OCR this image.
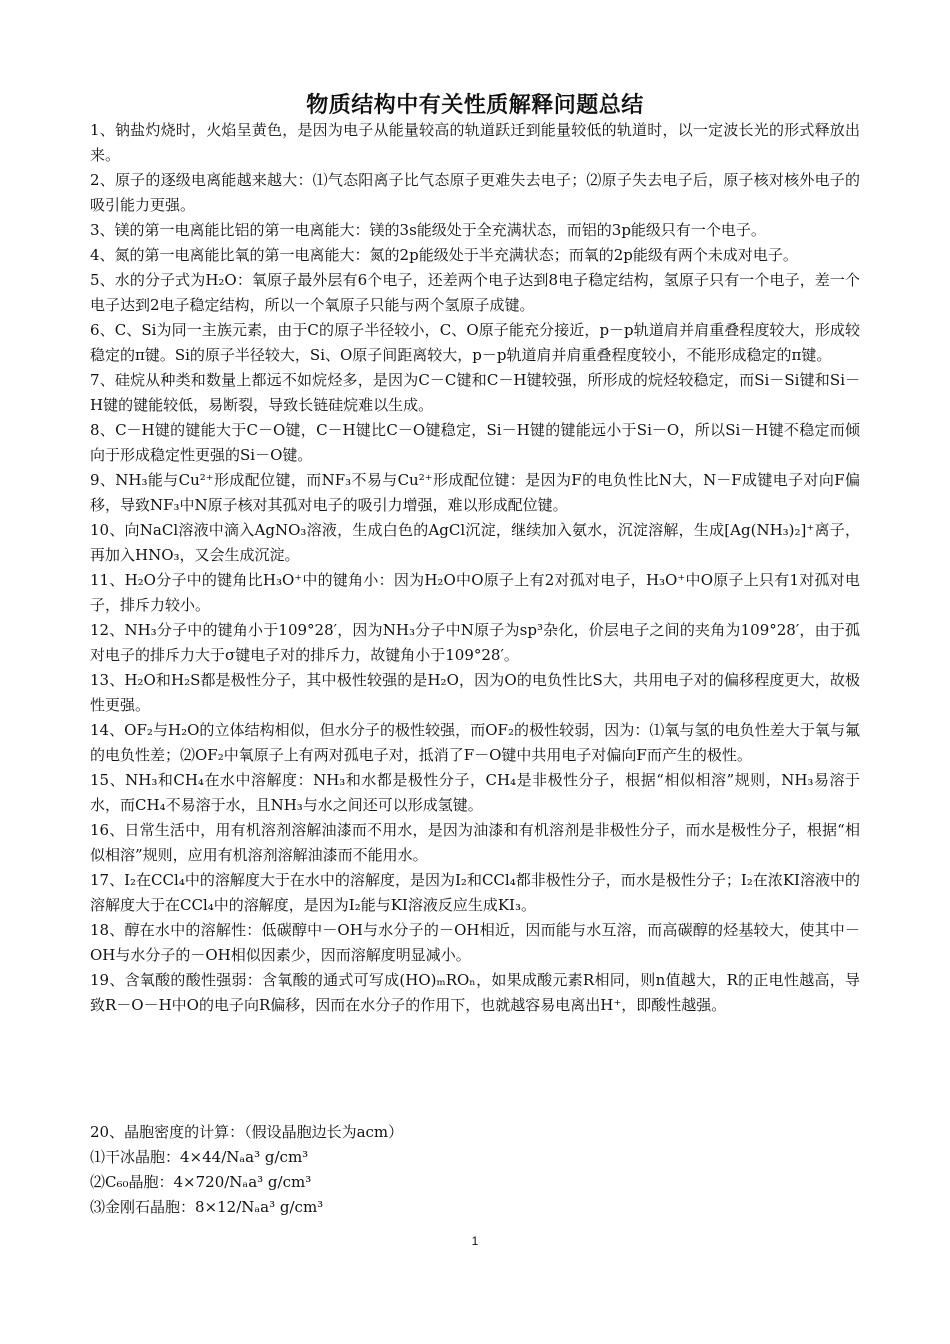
物质结构中有关性质解释问题总结

1、钠盐灼烧时，火焰呈黄色，是因为电子从能量较高的轨道跃迁到能量较低的轨道时，以一定波长光的形式释放出来。

2、原子的逐级电离能越来越大：⑴气态阳离子比气态原子更难失去电子；⑵原子失去电子后，原子核对核外电子的吸引能力更强。

3、镁的第一电离能比铝的第一电离能大：镁的3s能级处于全充满状态，而铝的3p能级只有一个电子。

4、氮的第一电离能比氧的第一电离能大：氮的2p能级处于半充满状态；而氧的2p能级有两个未成对电子。

5、水的分子式为H₂O：氧原子最外层有6个电子，还差两个电子达到8电子稳定结构，氢原子只有一个电子，差一个电子达到2电子稳定结构，所以一个氧原子只能与两个氢原子成键。

6、C、Si为同一主族元素，由于C的原子半径较小，C、O原子能充分接近，p－p轨道肩并肩重叠程度较大，形成较稳定的π键。Si的原子半径较大，Si、O原子间距离较大，p－p轨道肩并肩重叠程度较小，不能形成稳定的π键。

7、硅烷从种类和数量上都远不如烷烃多，是因为C－C键和C－H键较强，所形成的烷烃较稳定，而Si－Si键和Si－H键的键能较低，易断裂，导致长链硅烷难以生成。

8、C－H键的键能大于C－O键，C－H键比C－O键稳定，Si－H键的键能远小于Si－O，所以Si－H键不稳定而倾向于形成稳定性更强的Si－O键。

9、NH₃能与Cu²⁺形成配位键，而NF₃不易与Cu²⁺形成配位键：是因为F的电负性比N大，N－F成键电子对向F偏移，导致NF₃中N原子核对其孤对电子的吸引力增强，难以形成配位键。

10、向NaCl溶液中滴入AgNO₃溶液，生成白色的AgCl沉淀，继续加入氨水，沉淀溶解，生成[Ag(NH₃)₂]⁺离子，再加入HNO₃，又会生成沉淀。

11、H₂O分子中的键角比H₃O⁺中的键角小：因为H₂O中O原子上有2对孤对电子，H₃O⁺中O原子上只有1对孤对电子，排斥力较小。

12、NH₃分子中的键角小于109°28′，因为NH₃分子中N原子为sp³杂化，价层电子之间的夹角为109°28′，由于孤对电子的排斥力大于σ键电子对的排斥力，故键角小于109°28′。

13、H₂O和H₂S都是极性分子，其中极性较强的是H₂O，因为O的电负性比S大，共用电子对的偏移程度更大，故极性更强。

14、OF₂与H₂O的立体结构相似，但水分子的极性较强，而OF₂的极性较弱，因为：⑴氧与氢的电负性差大于氧与氟的电负性差；⑵OF₂中氧原子上有两对孤电子对，抵消了F－O键中共用电子对偏向F而产生的极性。

15、NH₃和CH₄在水中溶解度：NH₃和水都是极性分子，CH₄是非极性分子，根据“相似相溶”规则，NH₃易溶于水，而CH₄不易溶于水，且NH₃与水之间还可以形成氢键。

16、日常生活中，用有机溶剂溶解油漆而不用水，是因为油漆和有机溶剂是非极性分子，而水是极性分子，根据“相似相溶”规则，应用有机溶剂溶解油漆而不能用水。

17、I₂在CCl₄中的溶解度大于在水中的溶解度，是因为I₂和CCl₄都非极性分子，而水是极性分子；I₂在浓KI溶液中的溶解度大于在CCl₄中的溶解度，是因为I₂能与KI溶液反应生成KI₃。

18、醇在水中的溶解性：低碳醇中－OH与水分子的－OH相近，因而能与水互溶，而高碳醇的烃基较大，使其中－OH与水分子的－OH相似因素少，因而溶解度明显减小。

19、含氧酸的酸性强弱：含氧酸的通式可写成(HO)ₘROₙ，如果成酸元素R相同，则n值越大，R的正电性越高，导致R－O－H中O的电子向R偏移，因而在水分子的作用下，也就越容易电离出H⁺，即酸性越强。

20、晶胞密度的计算：（假设晶胞边长为acm）

⑴干冰晶胞：4×44/Nₐa³ g/cm³

⑵C₆₀晶胞：4×720/Nₐa³ g/cm³

⑶金刚石晶胞：8×12/Nₐa³ g/cm³

1
